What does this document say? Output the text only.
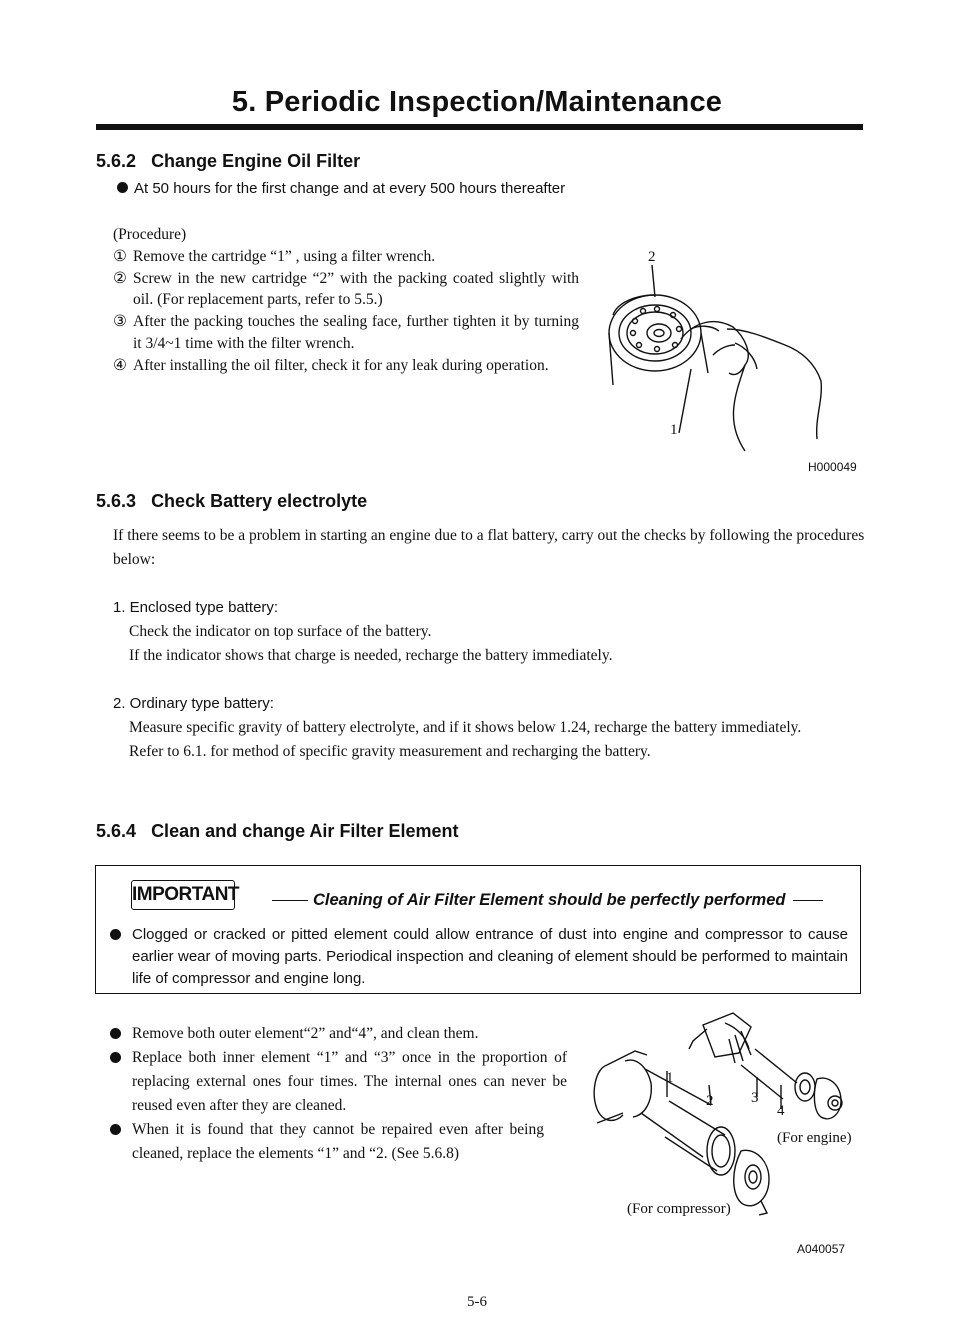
5. Periodic Inspection/Maintenance
5.6.2 Change Engine Oil Filter
At 50 hours for the first change and at every 500 hours thereafter
(Procedure)
① Remove the cartridge “1” , using a filter wrench.
② Screw in the new cartridge “2” with the packing coated slightly with oil. (For replacement parts, refer to 5.5.)
③ After the packing touches the sealing face, further tighten it by turning it 3/4~1 time with the filter wrench.
④ After installing the oil filter, check it for any leak during operation.
2
1
H000049
5.6.3 Check Battery electrolyte
If there seems to be a problem in starting an engine due to a flat battery, carry out the checks by following the procedures below:
1. Enclosed type battery:
Check the indicator on top surface of the battery.
If the indicator shows that charge is needed, recharge the battery immediately.
2. Ordinary type battery:
Measure specific gravity of battery electrolyte, and if it shows below 1.24, recharge the battery immediately.
Refer to 6.1. for method of specific gravity measurement and recharging the battery.
5.6.4 Clean and change Air Filter Element
IMPORTANT	Cleaning of Air Filter Element should be perfectly performed
Clogged or cracked or pitted element could allow entrance of dust into engine and compressor to cause earlier wear of moving parts. Periodical inspection and cleaning of element should be performed to maintain life of compressor and engine long.
Remove both outer element“2” and“4”, and clean them.
Replace both inner element “1” and “3” once in the proportion of replacing external ones four times. The internal ones can never be reused even after they are cleaned.
When it is found that they cannot be repaired even after being cleaned, replace the elements “1” and “2. (See 5.6.8)
1
2	3
4
(For engine)
(For compressor)
A040057
5-6
